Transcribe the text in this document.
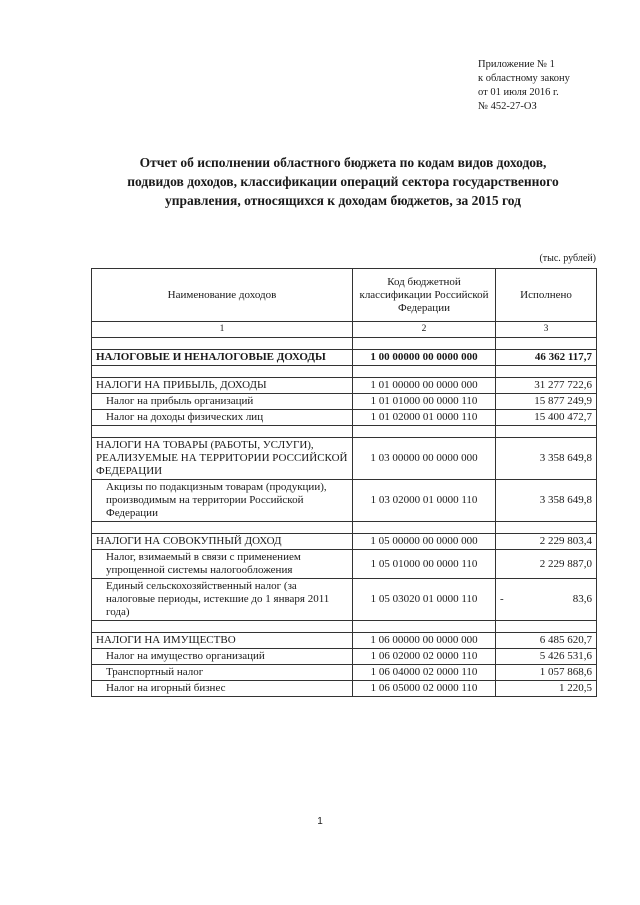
Приложение № 1
к областному закону
от 01 июля 2016 г.
№ 452-27-ОЗ
Отчет об исполнении областного бюджета по кодам видов доходов,
подвидов доходов, классификации операций сектора государственного
управления, относящихся к доходам бюджетов, за 2015 год
(тыс. рублей)
Наименование доходов	Код бюджетной классификации Российской Федерации	Исполнено
1	2	3

НАЛОГОВЫЕ И НЕНАЛОГОВЫЕ ДОХОДЫ	1 00 00000 00 0000 000	46 362 117,7

НАЛОГИ НА ПРИБЫЛЬ, ДОХОДЫ	1 01 00000 00 0000 000	31 277 722,6
Налог на прибыль организаций	1 01 01000 00 0000 110	15 877 249,9
Налог на доходы физических лиц	1 01 02000 01 0000 110	15 400 472,7

НАЛОГИ НА ТОВАРЫ (РАБОТЫ, УСЛУГИ), РЕАЛИЗУЕМЫЕ НА ТЕРРИТОРИИ РОССИЙСКОЙ ФЕДЕРАЦИИ	1 03 00000 00 0000 000	3 358 649,8
Акцизы по подакцизным товарам (продукции), производимым на территории Российской Федерации	1 03 02000 01 0000 110	3 358 649,8

НАЛОГИ НА СОВОКУПНЫЙ ДОХОД	1 05 00000 00 0000 000	2 229 803,4
Налог, взимаемый в связи с применением упрощенной системы налогообложения	1 05 01000 00 0000 110	2 229 887,0
Единый сельскохозяйственный налог (за налоговые периоды, истекшие до 1 января 2011 года)	1 05 03020 01 0000 110	- 83,6

НАЛОГИ НА ИМУЩЕСТВО	1 06 00000 00 0000 000	6 485 620,7
Налог на имущество организаций	1 06 02000 02 0000 110	5 426 531,6
Транспортный налог	1 06 04000 02 0000 110	1 057 868,6
Налог на игорный бизнес	1 06 05000 02 0000 110	1 220,5
1
